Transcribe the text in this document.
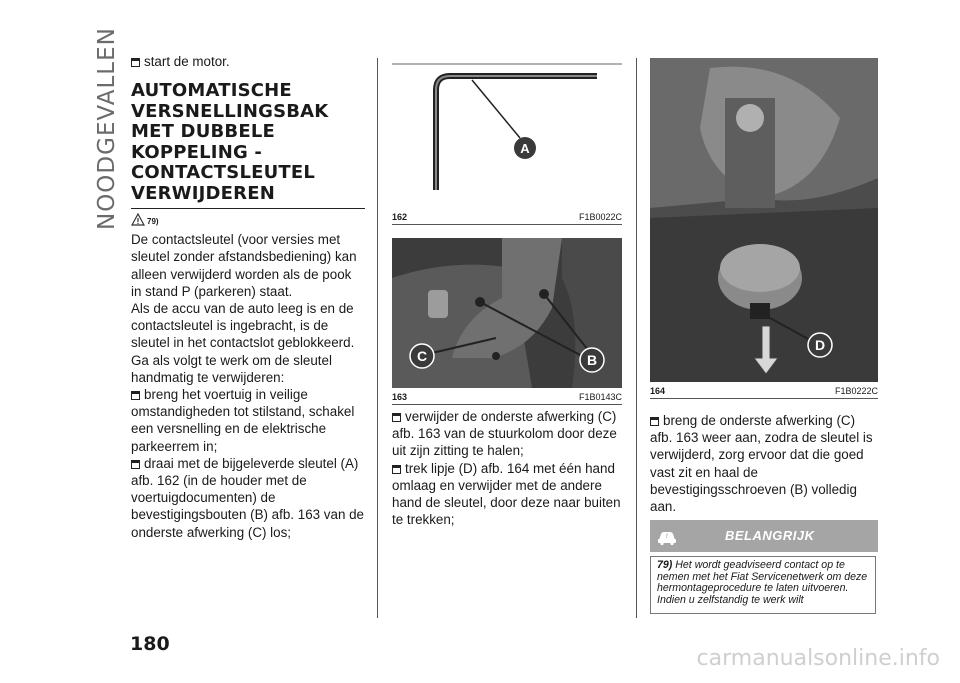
NOODGEVALLEN	start de motor.
AUTOMATISCHE
VERSNELLINGSBAK
MET DUBBELE
KOPPELING -
CONTACTSLEUTEL
VERWIJDEREN
79)

De contactsleutel (voor versies met sleutel zonder afstandsbediening) kan alleen verwijderd worden als de pook in stand P (parkeren) staat.

Als de accu van de auto leeg is en de contactsleutel is ingebracht, is de sleutel in het contactslot geblokkeerd.

Ga als volgt te werk om de sleutel handmatig te verwijderen:

breng het voertuig in veilige omstandigheden tot stilstand, schakel een versnelling en de elektrische parkeerrem in;
draai met de bijgeleverde sleutel (A) afb. 162 (in de houder met de voertuigdocumenten) de bevestigingsbouten (B) afb. 163 van de onderste afwerking (C) los;
A
162	F1B0022C
C	B
163	F1B0143C
D
164	F1B0222C
verwijder de onderste afwerking (C) afb. 163 van de stuurkolom door deze uit zijn zitting te halen;
trek lipje (D) afb. 164 met één hand omlaag en verwijder met de andere hand de sleutel, door deze naar buiten te trekken;
breng de onderste afwerking (C) afb. 163 weer aan, zodra de sleutel is verwijderd, zorg ervoor dat die goed vast zit en haal de bevestigingsschroeven (B) volledig aan.
!	BELANGRIJK
79) Het wordt geadviseerd contact op te nemen met het Fiat Servicenetwerk om deze hermontageprocedure te laten uitvoeren. Indien u zelfstandig te werk wilt
180
carmanualsonline.info
